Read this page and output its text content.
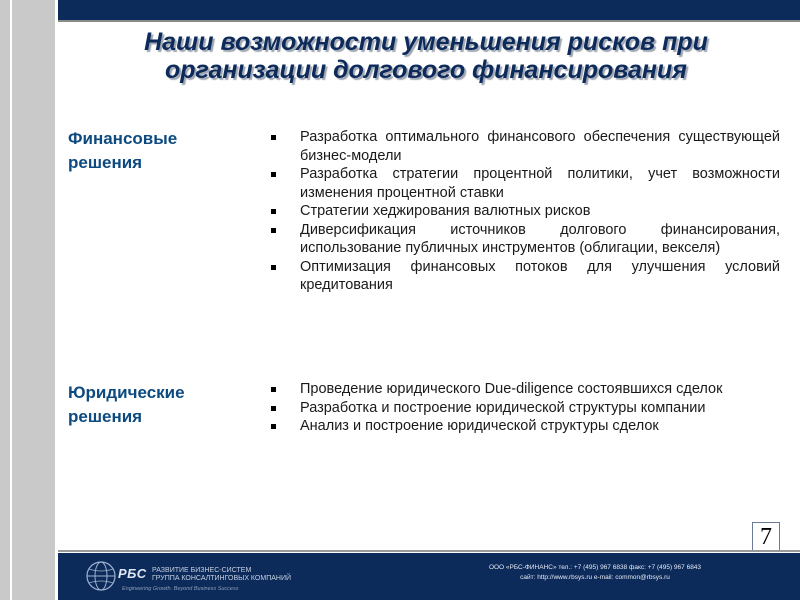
Наши возможности уменьшения рисков при организации долгового финансирования
Финансовые решения
Разработка оптимального финансового обеспечения существующей бизнес-модели
Разработка стратегии процентной политики, учет возможности изменения процентной ставки
Стратегии хеджирования валютных рисков
Диверсификация источников долгового финансирования, использование публичных инструментов (облигации, векселя)
Оптимизация финансовых потоков для улучшения условий кредитования
Юридические решения
Проведение юридического Due-diligence состоявшихся сделок
Разработка и построение юридической структуры компании
Анализ и построение юридической структуры сделок
7
РБС РАЗВИТИЕ БИЗНЕС-СИСТЕМ
ГРУППА КОНСАЛТИНГОВЫХ КОМПАНИЙ
Engineering Growth. Beyond Business Success
ООО «РБС-ФИНАНС» тел.: +7 (495) 967 6838 факс: +7 (495) 967 6843
сайт: http://www.rbsys.ru e-mail: common@rbsys.ru
